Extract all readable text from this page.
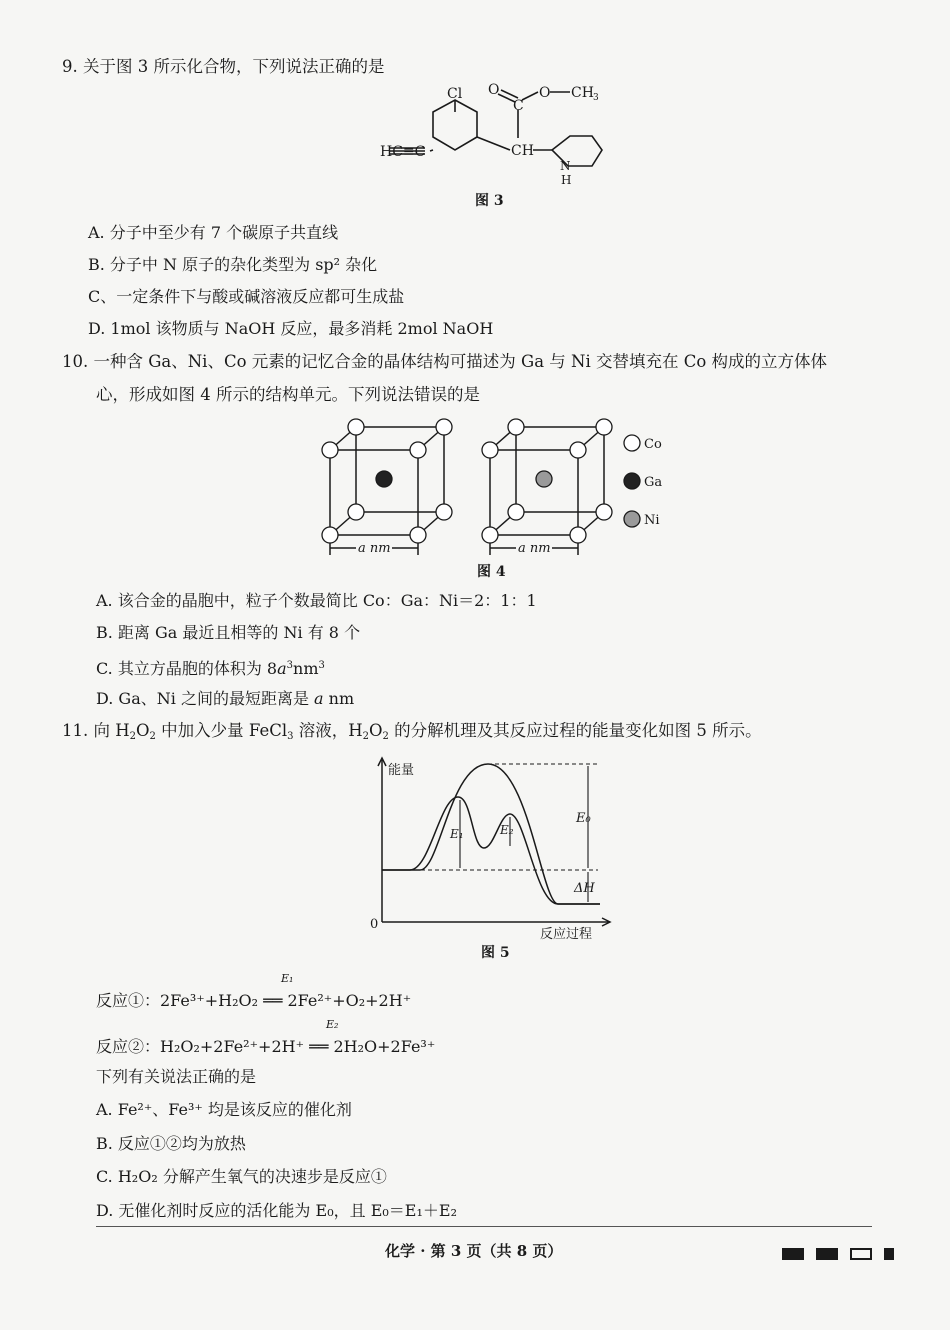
9. 关于图 3 所示化合物，下列说法正确的是
Cl
HC≡C
O
C
O CH 3
CH
N
H
图 3
A. 分子中至少有 7 个碳原子共直线
B. 分子中 N 原子的杂化类型为 sp² 杂化
C、一定条件下与酸或碱溶液反应都可生成盐
D. 1mol 该物质与 NaOH 反应，最多消耗 2mol NaOH
10. 一种含 Ga、Ni、Co 元素的记忆合金的晶体结构可描述为 Ga 与 Ni 交替填充在 Co 构成的立方体体
心，形成如图 4 所示的结构单元。下列说法错误的是
a nm	a nm
Co
Ga
Ni
图 4
A. 该合金的晶胞中，粒子个数最简比 Co：Ga：Ni＝2：1：1
B. 距离 Ga 最近且相等的 Ni 有 8 个
C. 其立方晶胞的体积为 $8a^3nm^3$
D. Ga、Ni 之间的最短距离是 a nm
11. 向 $H_2O_2$ 中加入少量 FeCl$_3$ 溶液，$H_2O_2$ 的分解机理及其反应过程的能量变化如图 5 所示。
能量
0
反应过程
E₀
E₁	E₂
ΔH
图 5
反应①：2Fe³⁺+H₂O₂ ══ 2Fe²⁺+O₂+2H⁺
E₁
反应②：H₂O₂+2Fe²⁺+2H⁺ ══ 2H₂O+2Fe³⁺
E₂
下列有关说法正确的是
A. Fe²⁺、Fe³⁺ 均是该反应的催化剂
B. 反应①②均为放热
C. H₂O₂ 分解产生氧气的决速步是反应①
D. 无催化剂时反应的活化能为 E₀，且 E₀＝E₁＋E₂
化学 · 第 3 页（共 8 页）
